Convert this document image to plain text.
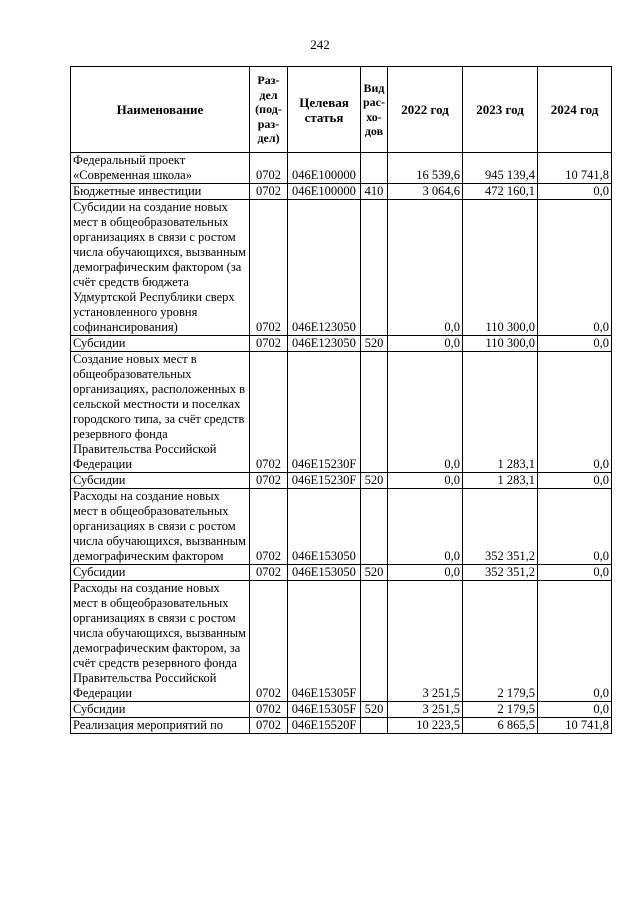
242
Наименование	Раз-дел (под-раз-дел)	Целевая статья	Вид рас-хо-дов	2022 год	2023 год	2024 год
Федеральный проект «Современная школа»	0702	046E100000		16 539,6	945 139,4	10 741,8
Бюджетные инвестиции	0702	046E100000	410	3 064,6	472 160,1	0,0
Субсидии на создание новых мест в общеобразовательных организациях в связи с ростом числа обучающихся, вызванным демографическим фактором (за счёт средств бюджета Удмуртской Республики сверх установленного уровня софинансирования)	0702	046E123050		0,0	110 300,0	0,0
Субсидии	0702	046E123050	520	0,0	110 300,0	0,0
Создание новых мест в общеобразовательных организациях, расположенных в сельской местности и поселках городского типа, за счёт средств резервного фонда Правительства Российской Федерации	0702	046E15230F		0,0	1 283,1	0,0
Субсидии	0702	046E15230F	520	0,0	1 283,1	0,0
Расходы на создание новых мест в общеобразовательных организациях в связи с ростом числа обучающихся, вызванным демографическим фактором	0702	046E153050		0,0	352 351,2	0,0
Субсидии	0702	046E153050	520	0,0	352 351,2	0,0
Расходы на создание новых мест в общеобразовательных организациях в связи с ростом числа обучающихся, вызванным демографическим фактором, за счёт средств резервного фонда Правительства Российской Федерации	0702	046E15305F		3 251,5	2 179,5	0,0
Субсидии	0702	046E15305F	520	3 251,5	2 179,5	0,0
Реализация мероприятий по	0702	046E15520F		10 223,5	6 865,5	10 741,8
